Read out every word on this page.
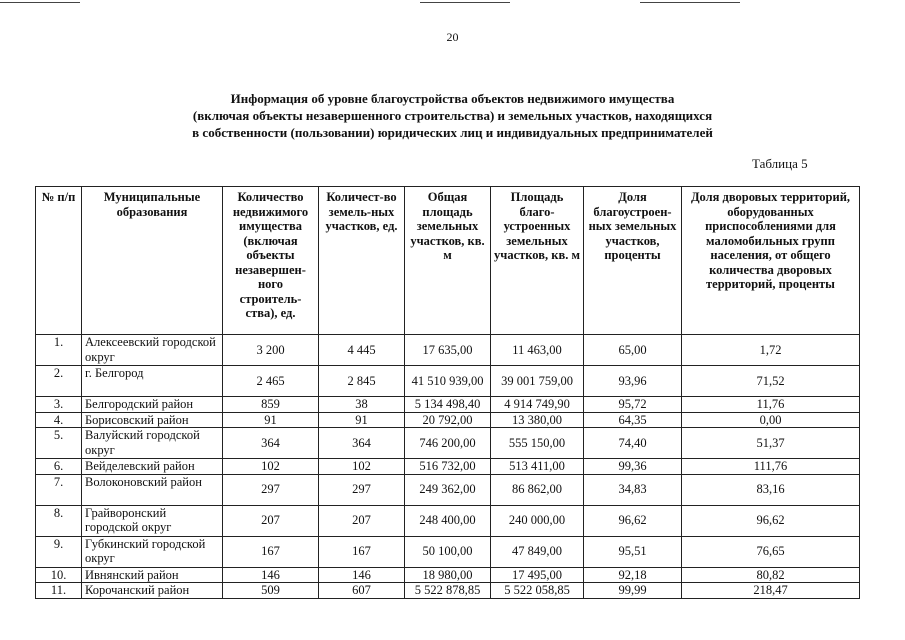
20
Информация об уровне благоустройства объектов недвижимого имущества
(включая объекты незавершенного строительства) и земельных участков, находящихся
в собственности (пользовании) юридических лиц и индивидуальных предпринимателей
Таблица 5
№ п/п	Муниципальные образования	Количество недвижимого имущества (включая объекты незавершен-ного строитель-ства), ед.	Количест-во земель-ных участков, ед.	Общая площадь земельных участков, кв. м	Площадь благо-устроенных земельных участков, кв. м	Доля благоустроен-ных земельных участков, проценты	Доля дворовых территорий, оборудованных приспособлениями для маломобильных групп населения, от общего количества дворовых территорий, проценты
1.	Алексеевский городской округ	3 200	4 445	17 635,00	11 463,00	65,00	1,72
2.	г. Белгород	2 465	2 845	41 510 939,00	39 001 759,00	93,96	71,52
3.	Белгородский район	859	38	5 134 498,40	4 914 749,90	95,72	11,76
4.	Борисовский район	91	91	20 792,00	13 380,00	64,35	0,00
5.	Валуйский городской округ	364	364	746 200,00	555 150,00	74,40	51,37
6.	Вейделевский район	102	102	516 732,00	513 411,00	99,36	111,76
7.	Волоконовский район	297	297	249 362,00	86 862,00	34,83	83,16
8.	Грайворонский городской округ	207	207	248 400,00	240 000,00	96,62	96,62
9.	Губкинский городской округ	167	167	50 100,00	47 849,00	95,51	76,65
10.	Ивнянский район	146	146	18 980,00	17 495,00	92,18	80,82
11.	Корочанский район	509	607	5 522 878,85	5 522 058,85	99,99	218,47
